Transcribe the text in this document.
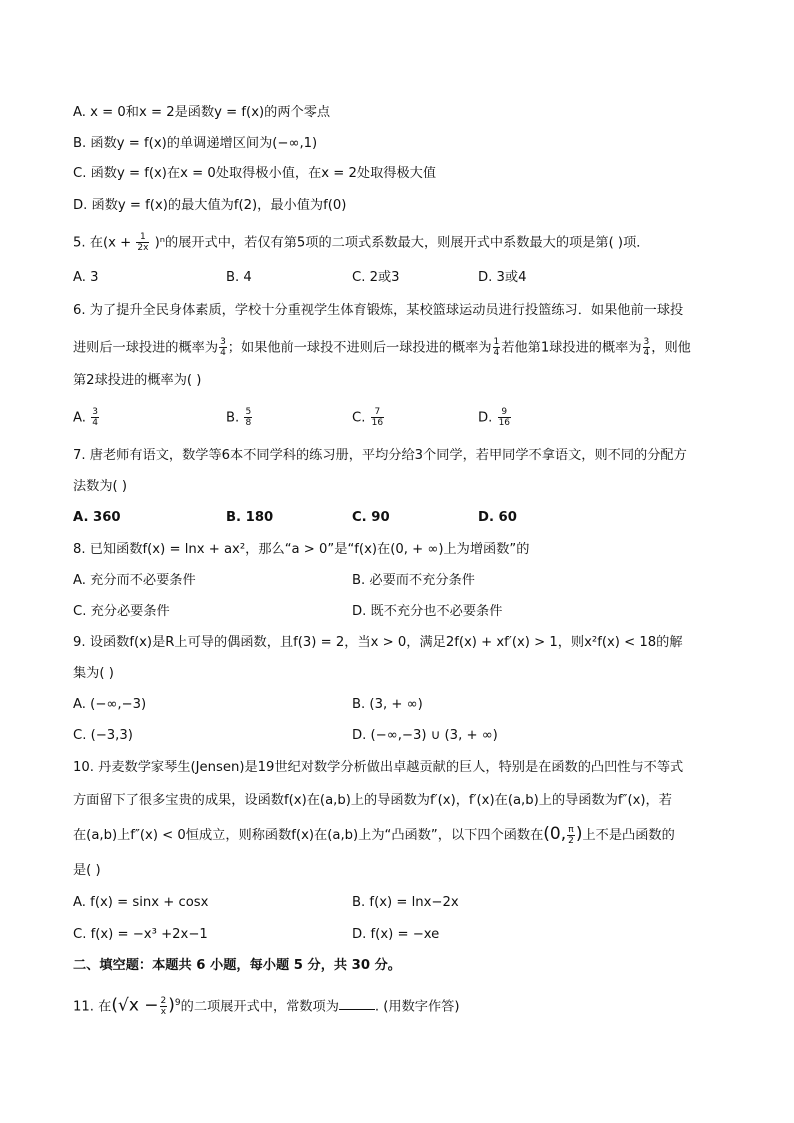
A. x = 0和x = 2是函数y = f(x)的两个零点
B. 函数y = f(x)的单调递增区间为(−∞,1)
C. 函数y = f(x)在x = 0处取得极小值，在x = 2处取得极大值
D. 函数y = f(x)的最大值为f(2)，最小值为f(0)
5. 在$(x + \frac{1}{2x} )^n$的展开式中，若仅有第5项的二项式系数最大，则展开式中系数最大的项是第( )项．
A. 3	B. 4	C. 2或3	D. 3或4
6. 为了提升全民身体素质，学校十分重视学生体育锻炼，某校篮球运动员进行投篮练习．如果他前一球投
进则后一球投进的概率为 $\frac{3}{4}$ ；如果他前一球投不进则后一球投进的概率为 $\frac{1}{4}$ 若他第1球投进的概率为 $\frac{3}{4}$ ，则他
第2球投进的概率为( )
A. $\frac{3}{4}$	B. $\frac{5}{8}$	C. $\frac{7}{16}$	D. $\frac{9}{16}$
7. 唐老师有语文，数学等6本不同学科的练习册，平均分给3个同学，若甲同学不拿语文，则不同的分配方
法数为( )
A. 360	B. 180	C. 90	D. 60
8. 已知函数f(x) = lnx + ax²，那么“a > 0”是“f(x)在(0, + ∞)上为增函数”的
A. 充分而不必要条件	B. 必要而不充分条件
C. 充分必要条件	D. 既不充分也不必要条件
9. 设函数f(x)是R上可导的偶函数，且f(3) = 2，当x > 0，满足2f(x) + xf′(x) > 1，则x²f(x) < 18的解
集为( )
A. (−∞,−3)	B. (3, + ∞)
C. (−3,3)	D. (−∞,−3) ∪ (3, + ∞)
10. 丹麦数学家琴生(Jensen)是19世纪对数学分析做出卓越贡献的巨人，特别是在函数的凸凹性与不等式
方面留下了很多宝贵的成果，设函数f(x)在(a,b)上的导函数为f′(x)，f′(x)在(a,b)上的导函数为f″(x)，若
在(a,b)上f″(x) < 0恒成立，则称函数f(x)在(a,b)上为“凸函数”，以下四个函数在(0, $\frac{\pi}{2}$ )上不是凸函数的
是( )
A. f(x) = sinx + cosx	B. f(x) = lnx−2x
C. f(x) = −x³ +2x−1	D. f(x) = −xe
二、填空题：本题共 6 小题，每小题 5 分，共 30 分。
11. 在$(√x - \frac{2}{x} )^9$的二项展开式中，常数项为	. (用数字作答)
